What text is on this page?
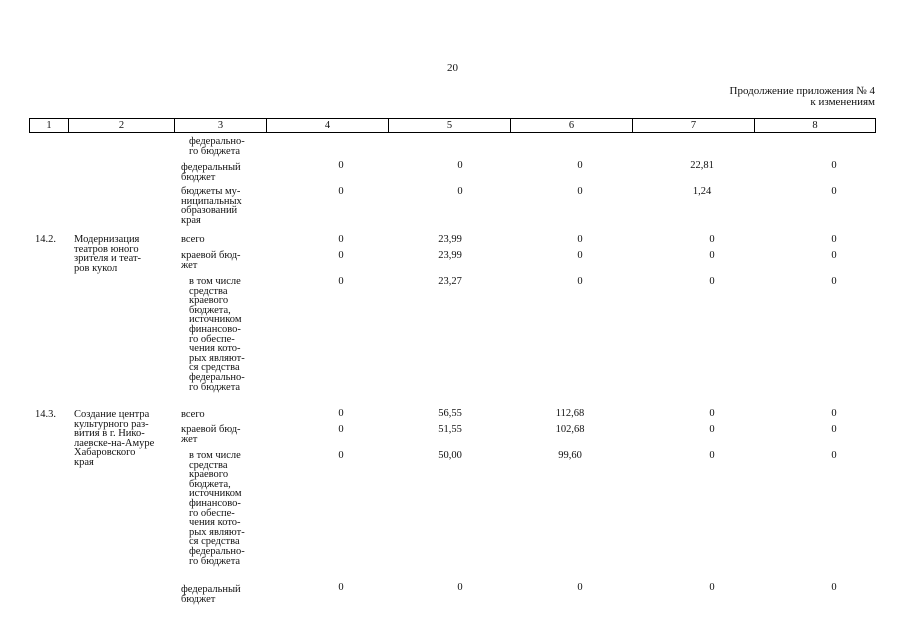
20
Продолжение приложения № 4
к изменениям
1	2	3	4	5	6	7	8
федерально-
го бюджета
федеральный
бюджет
0	0	0	22,81	0
бюджеты му-
ниципальных
образований
края
0	0	0	1,24	0
14.2. Модернизация
театров юного
зрителя и теат-
ров кукол
всего	0	23,99	0	0	0
краевой бюд-
жет
0	23,99	0	0	0
в том числе
средства
краевого
бюджета,
источником
финансово-
го обеспе-
чения кото-
рых являют-
ся средства
федерально-
го бюджета
0	23,27	0	0	0
14.3. Создание центра
культурного раз-
вития в г. Нико-
лаевске-на-Амуре
Хабаровского
края
всего	0	56,55	112,68	0	0
краевой бюд-
жет
0	51,55	102,68	0	0
в том числе
средства
краевого
бюджета,
источником
финансово-
го обеспе-
чения кото-
рых являют-
ся средства
федерально-
го бюджета
0	50,00	99,60	0	0
федеральный
бюджет
0	0	0	0	0
